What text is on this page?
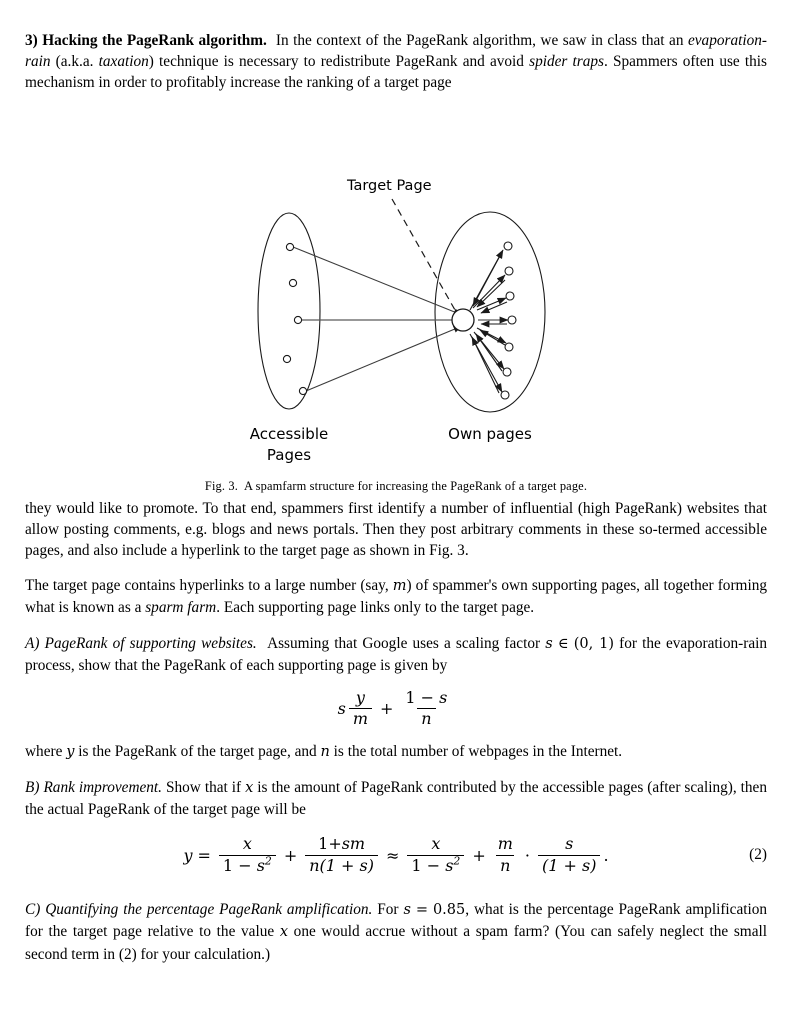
3) Hacking the PageRank algorithm. In the context of the PageRank algorithm, we saw in class that an evaporation-rain (a.k.a. taxation) technique is necessary to redistribute PageRank and avoid spider traps. Spammers often use this mechanism in order to profitably increase the ranking of a target page

Target Page
Accessible
Pages
Own pages
Fig. 3. A spamfarm structure for increasing the PageRank of a target page.

they would like to promote. To that end, spammers first identify a number of influential (high PageRank) websites that allow posting comments, e.g. blogs and news portals. Then they post arbitrary comments in these so-termed accessible pages, and also include a hyperlink to the target page as shown in Fig. 3.

The target page contains hyperlinks to a large number (say, m) of spammer's own supporting pages, all together forming what is known as a sparm farm. Each supporting page links only to the target page.

A) PageRank of supporting websites. Assuming that Google uses a scaling factor s ∈ (0, 1) for the evaporation-rain process, show that the PageRank of each supporting page is given by

s $\frac{y}{m} + \frac{1 - s}{n}$

where y is the PageRank of the target page, and n is the total number of webpages in the Internet.

B) Rank improvement. Show that if x is the amount of PageRank contributed by the accessible pages (after scaling), then the actual PageRank of the target page will be

$y = \frac{x}{1 - s^2} + \frac{1+sm}{n(1 + s)} \approx \frac{x}{1 - s^2} + \frac{m}{n} \cdot \frac{s}{(1 + s)}$ .	(2)

C) Quantifying the percentage PageRank amplification. For s = 0.85, what is the percentage PageRank amplification for the target page relative to the value x one would accrue without a spam farm? (You can safely neglect the small second term in (2) for your calculation.)
